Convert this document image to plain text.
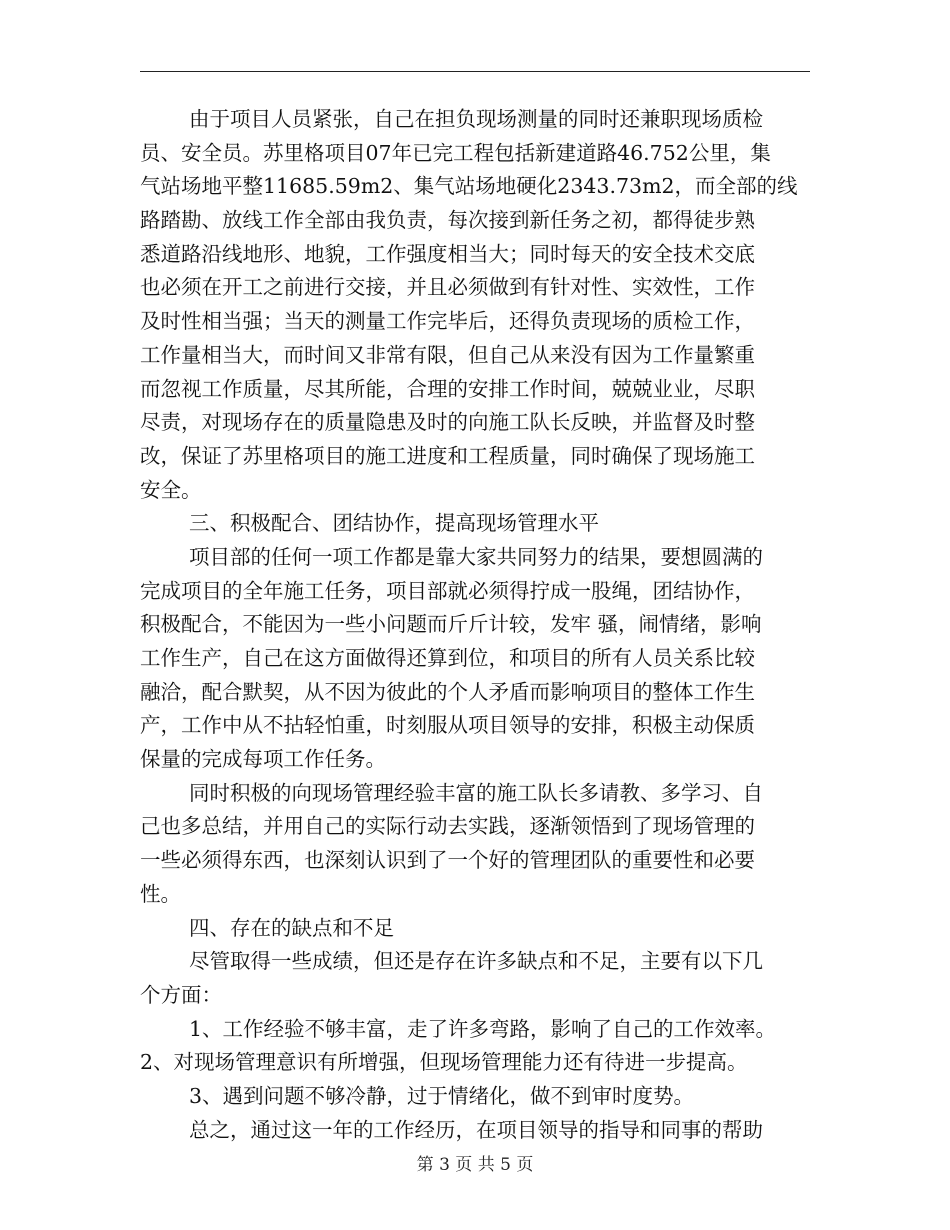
由于项目人员紧张，自己在担负现场测量的同时还兼职现场质检
员、安全员。苏里格项目07年已完工程包括新建道路46.752公里，集
气站场地平整11685.59m2、集气站场地硬化2343.73m2，而全部的线
路踏勘、放线工作全部由我负责，每次接到新任务之初，都得徒步熟
悉道路沿线地形、地貌，工作强度相当大；同时每天的安全技术交底
也必须在开工之前进行交接，并且必须做到有针对性、实效性，工作
及时性相当强；当天的测量工作完毕后，还得负责现场的质检工作，
工作量相当大，而时间又非常有限，但自己从来没有因为工作量繁重
而忽视工作质量，尽其所能，合理的安排工作时间，兢兢业业，尽职
尽责，对现场存在的质量隐患及时的向施工队长反映，并监督及时整
改，保证了苏里格项目的施工进度和工程质量，同时确保了现场施工
安全。
三、积极配合、团结协作，提高现场管理水平
项目部的任何一项工作都是靠大家共同努力的结果，要想圆满的
完成项目的全年施工任务，项目部就必须得拧成一股绳，团结协作，
积极配合，不能因为一些小问题而斤斤计较，发牢 骚，闹情绪，影响
工作生产，自己在这方面做得还算到位，和项目的所有人员关系比较
融洽，配合默契，从不因为彼此的个人矛盾而影响项目的整体工作生
产，工作中从不拈轻怕重，时刻服从项目领导的安排，积极主动保质
保量的完成每项工作任务。
同时积极的向现场管理经验丰富的施工队长多请教、多学习、自
己也多总结，并用自己的实际行动去实践，逐渐领悟到了现场管理的
一些必须得东西，也深刻认识到了一个好的管理团队的重要性和必要
性。
四、存在的缺点和不足
尽管取得一些成绩，但还是存在许多缺点和不足，主要有以下几
个方面：
1、工作经验不够丰富，走了许多弯路，影响了自己的工作效率。
2、对现场管理意识有所增强，但现场管理能力还有待进一步提高。
3、遇到问题不够冷静，过于情绪化，做不到审时度势。
总之，通过这一年的工作经历，在项目领导的指导和同事的帮助
第 3 页 共 5 页
